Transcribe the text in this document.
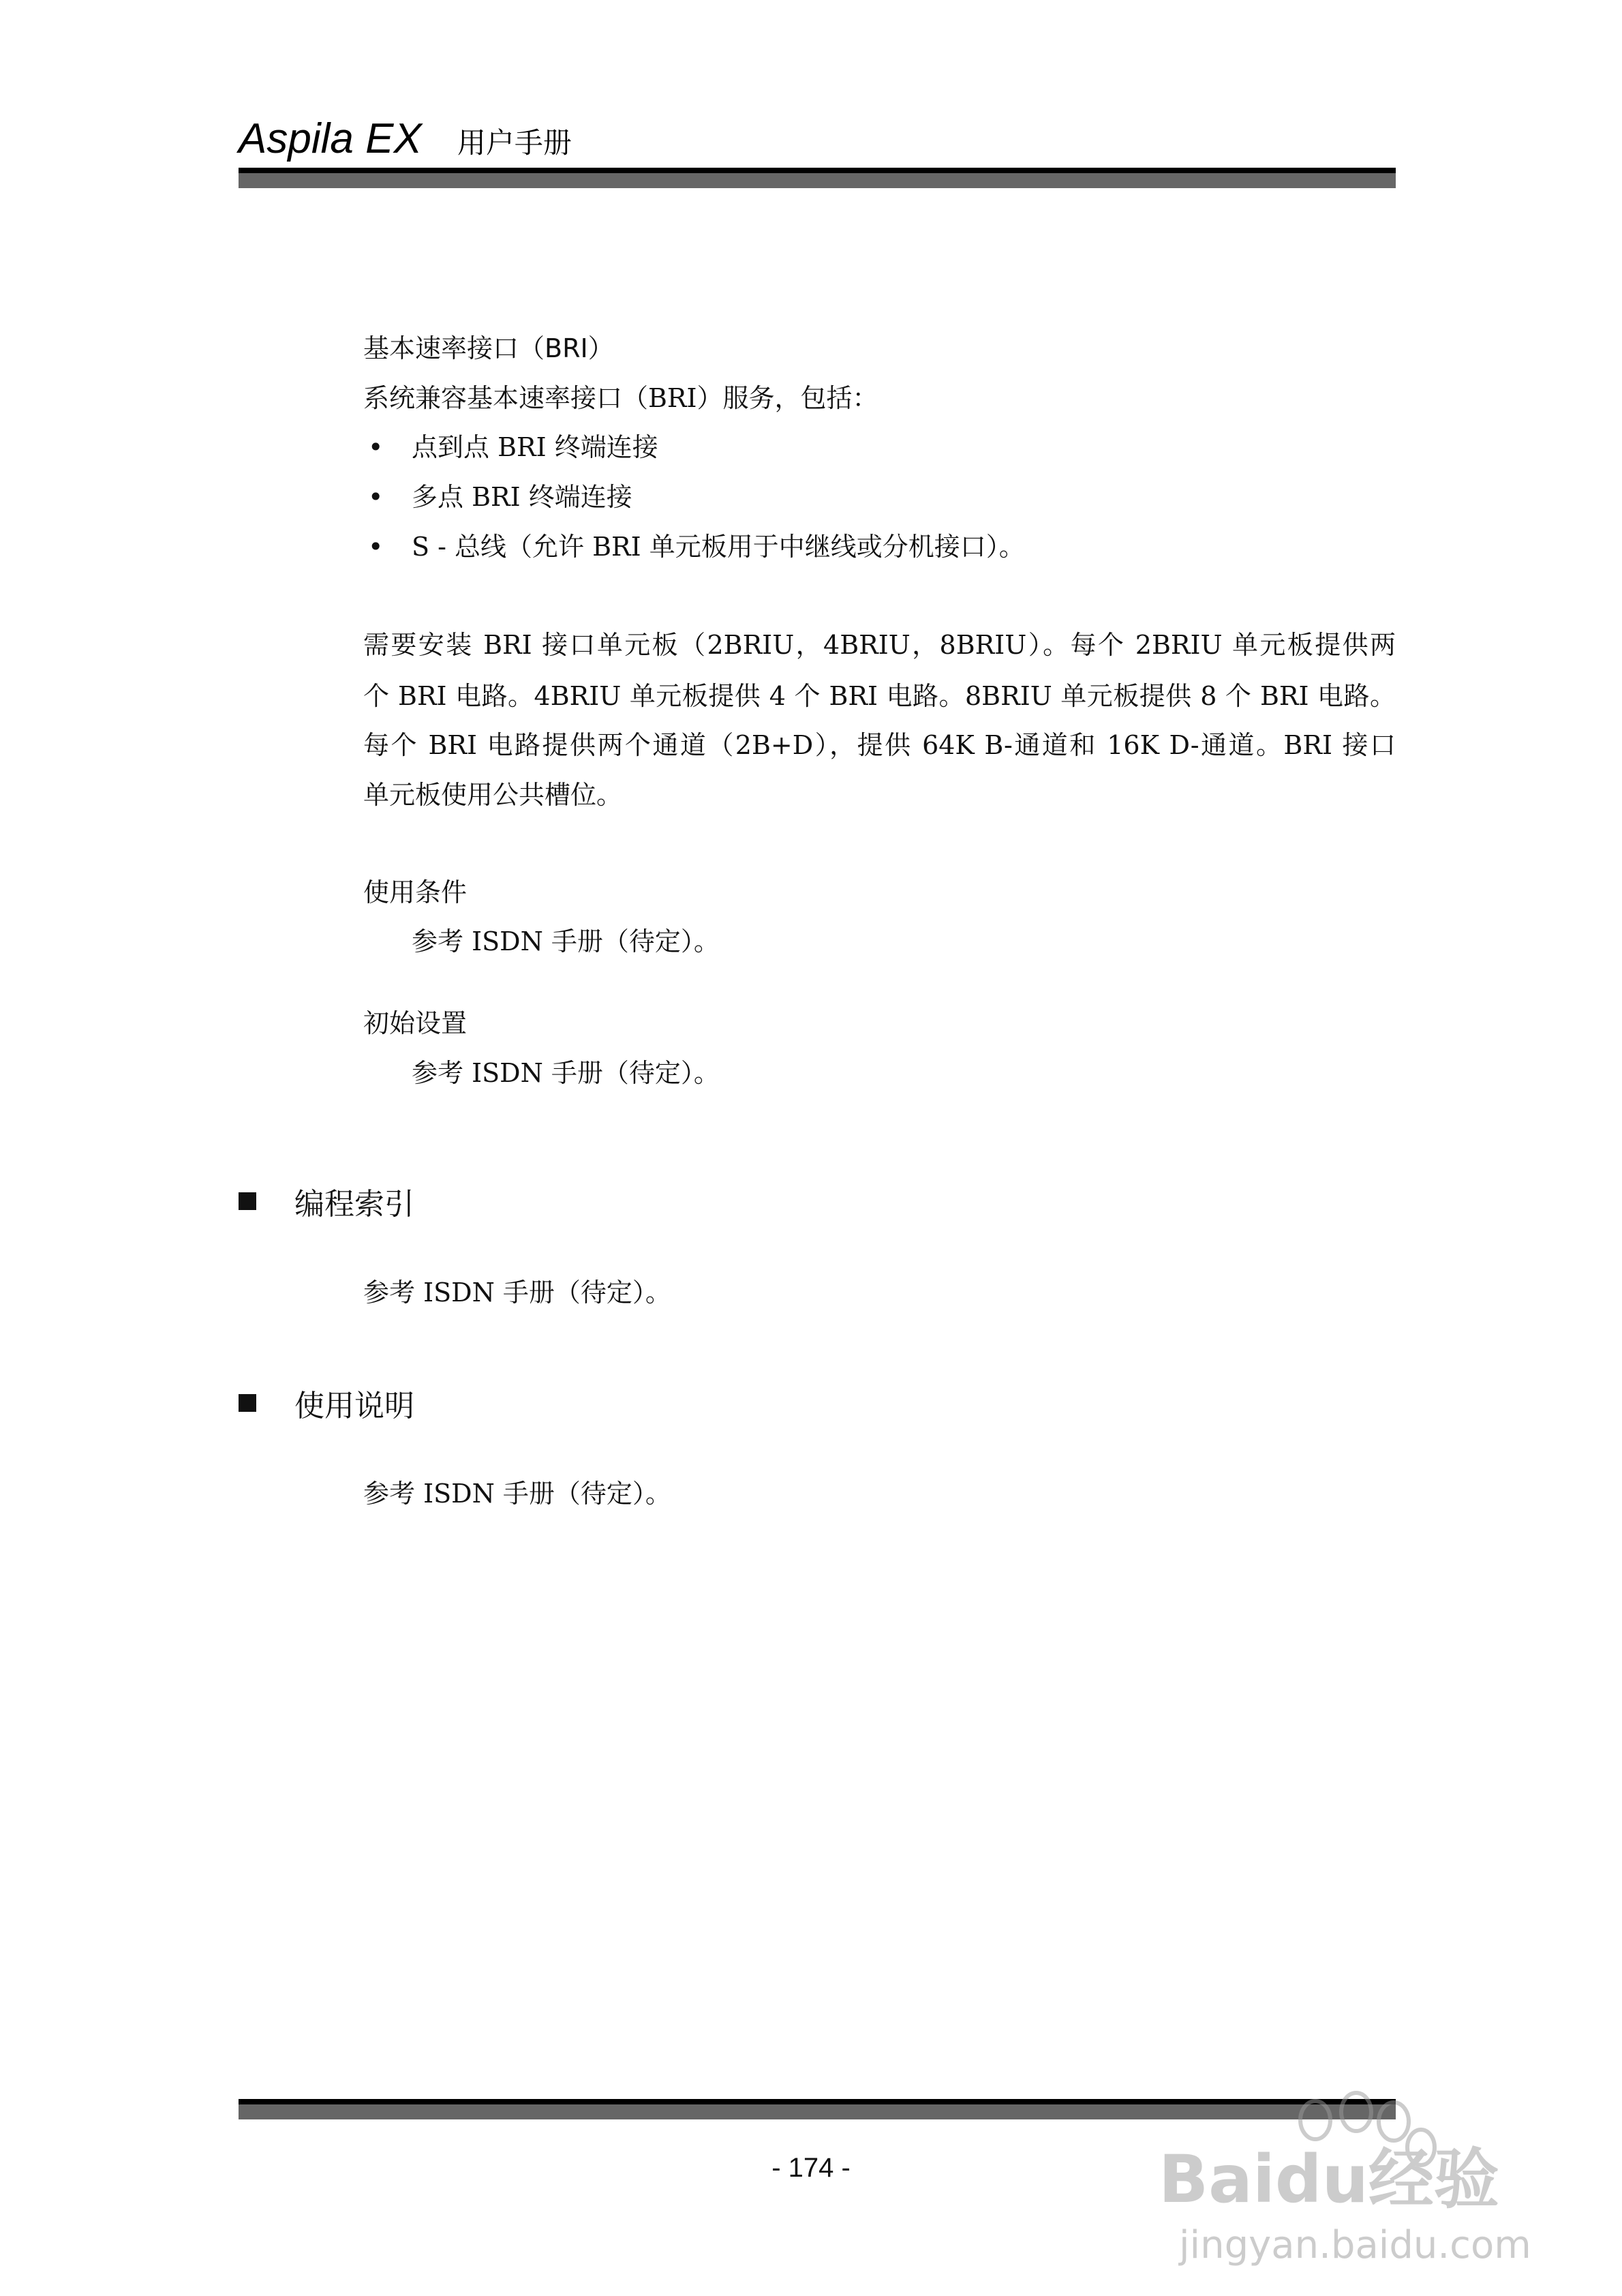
Aspila EX 用户手册
基本速率接口（BRI）
系统兼容基本速率接口（BRI）服务，包括：
•	点到点 BRI 终端连接
•	多点 BRI 终端连接
•	S - 总线（允许 BRI 单元板用于中继线或分机接口）。
需要安装 BRI 接口单元板（2BRIU，4BRIU，8BRIU）。每个 2BRIU 单元板提供两
个 BRI 电路。4BRIU 单元板提供 4 个 BRI 电路。8BRIU 单元板提供 8 个 BRI 电路。
每个 BRI 电路提供两个通道（2B+D），提供 64K B-通道和 16K D-通道。BRI 接口
单元板使用公共槽位。
使用条件
参考 ISDN 手册（待定）。
初始设置
参考 ISDN 手册（待定）。
编程索引
参考 ISDN 手册（待定）。
使用说明
参考 ISDN 手册（待定）。
- 174 -	Baidu经验
jingyan.baidu.com
